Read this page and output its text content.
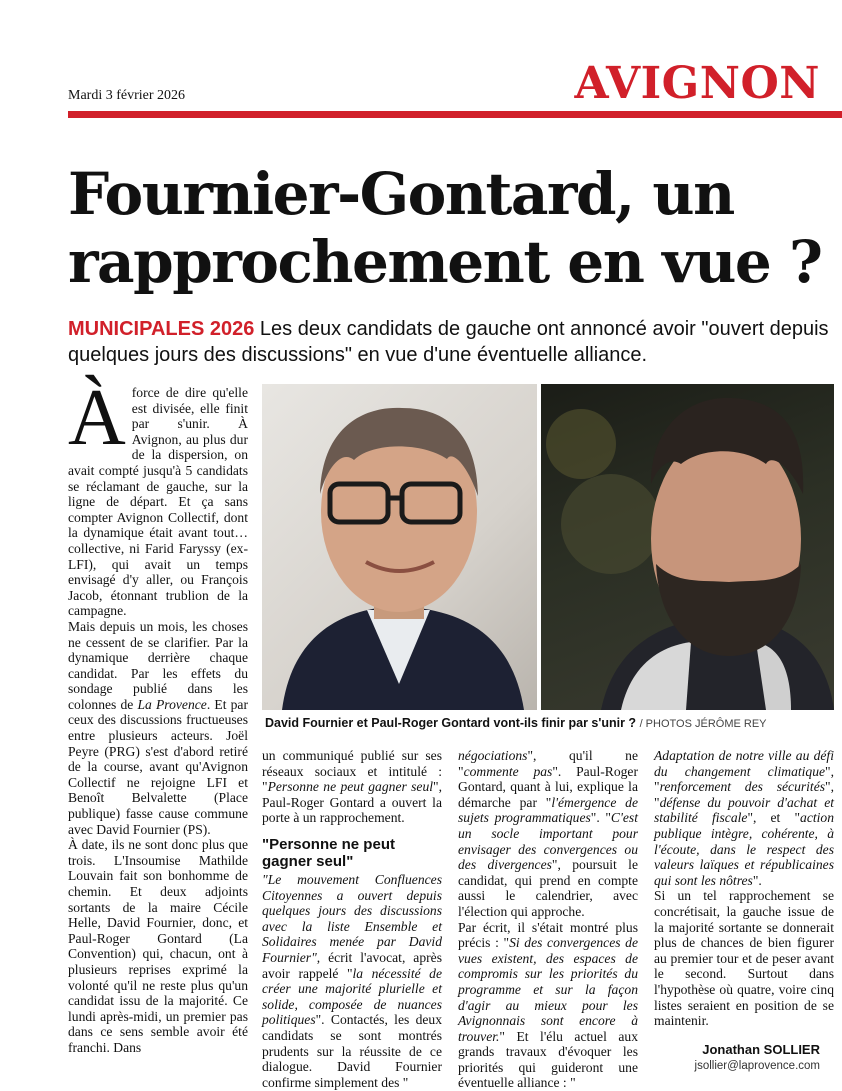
Mardi 3 février 2026	AVIGNON
Fournier-Gontard, un rapprochement en vue ?
MUNICIPALES 2026 Les deux candidats de gauche ont annoncé avoir "ouvert depuis quelques jours des discussions" en vue d'une éventuelle alliance.

À force de dire qu'elle est divisée, elle finit par s'unir. À Avignon, au plus dur de la dispersion, on avait compté jusqu'à 5 candidats se réclamant de gauche, sur la ligne de départ. Et ça sans compter Avignon Collectif, dont la dynamique était avant tout… collective, ni Farid Faryssy (ex-LFI), qui avait un temps envisagé d'y aller, ou François Jacob, étonnant trublion de la campagne.

Mais depuis un mois, les choses ne cessent de se clarifier. Par la dynamique derrière chaque candidat. Par les effets du sondage publié dans les colonnes de La Provence. Et par ceux des discussions fructueuses entre plusieurs acteurs. Joël Peyre (PRG) s'est d'abord retiré de la course, avant qu'Avignon Collectif ne rejoigne LFI et Benoît Belvalette (Place publique) fasse cause commune avec David Fournier (PS).

À date, ils ne sont donc plus que trois. L'Insoumise Mathilde Louvain fait son bonhomme de chemin. Et deux adjoints sortants de la maire Cécile Helle, David Fournier, donc, et Paul-Roger Gontard (La Convention) qui, chacun, ont à plusieurs reprises exprimé la volonté qu'il ne reste plus qu'un candidat issu de la majorité. Ce lundi après-midi, un premier pas dans ce sens semble avoir été franchi. Dans

David Fournier et Paul-Roger Gontard vont-ils finir par s'unir ? / PHOTOS JÉRÔME REY

un communiqué publié sur ses réseaux sociaux et intitulé : "Personne ne peut gagner seul", Paul-Roger Gontard a ouvert la porte à un rapprochement.

"Personne ne peut gagner seul"

"Le mouvement Confluences Citoyennes a ouvert depuis quelques jours des discussions avec la liste Ensemble et Solidaires menée par David Fournier", écrit l'avocat, après avoir rappelé "la nécessité de créer une majorité plurielle et solide, composée de nuances politiques". Contactés, les deux candidats se sont montrés prudents sur la réussite de ce dialogue. David Fournier confirme simplement des "

négociations", qu'il ne "commente pas". Paul-Roger Gontard, quant à lui, explique la démarche par "l'émergence de sujets programmatiques". "C'est un socle important pour envisager des convergences ou des divergences", poursuit le candidat, qui prend en compte aussi le calendrier, avec l'élection qui approche.

Par écrit, il s'était montré plus précis : "Si des convergences de vues existent, des espaces de compromis sur les priorités du programme et sur la façon d'agir au mieux pour les Avignonnais sont encore à trouver." Et l'élu actuel aux grands travaux d'évoquer les priorités qui guideront une éventuelle alliance : "

Adaptation de notre ville au défi du changement climatique", "renforcement des sécurités", "défense du pouvoir d'achat et stabilité fiscale", et "action publique intègre, cohérente, à l'écoute, dans le respect des valeurs laïques et républicaines qui sont les nôtres".

Si un tel rapprochement se concrétisait, la gauche issue de la majorité sortante se donnerait plus de chances de bien figurer au premier tour et de peser avant le second. Surtout dans l'hypothèse où quatre, voire cinq listes seraient en position de se maintenir.

Jonathan SOLLIER
jsollier@laprovence.com
